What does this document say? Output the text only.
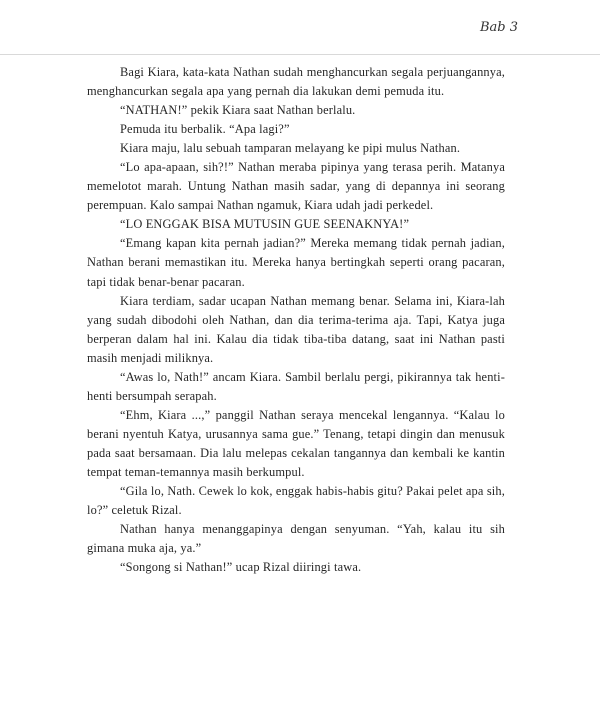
Bab 3

Bagi Kiara, kata-kata Nathan sudah menghancurkan segala perjuangannya, menghancurkan segala apa yang pernah dia lakukan demi pemuda itu.

“NATHAN!” pekik Kiara saat Nathan berlalu.

Pemuda itu berbalik. “Apa lagi?”

Kiara maju, lalu sebuah tamparan melayang ke pipi mulus Nathan.

“Lo apa-apaan, sih?!” Nathan meraba pipinya yang terasa perih. Matanya memelotot marah. Untung Nathan masih sadar, yang di depannya ini seorang perempuan. Kalo sampai Nathan ngamuk, Kiara udah jadi perkedel.

“LO ENGGAK BISA MUTUSIN GUE SEENAKNYA!”

“Emang kapan kita pernah jadian?” Mereka memang tidak pernah jadian, Nathan berani memastikan itu. Mereka hanya bertingkah seperti orang pacaran, tapi tidak benar-benar pacaran.

Kiara terdiam, sadar ucapan Nathan memang benar. Selama ini, Kiara-lah yang sudah dibodohi oleh Nathan, dan dia terima-terima aja. Tapi, Katya juga berperan dalam hal ini. Kalau dia tidak tiba-tiba datang, saat ini Nathan pasti masih menjadi miliknya.

“Awas lo, Nath!” ancam Kiara. Sambil berlalu pergi, pikirannya tak henti-henti bersumpah serapah.

“Ehm, Kiara ...,” panggil Nathan seraya mencekal lengannya. “Kalau lo berani nyentuh Katya, urusannya sama gue.” Tenang, tetapi dingin dan menusuk pada saat bersamaan. Dia lalu melepas cekalan tangannya dan kembali ke kantin tempat teman-temannya masih berkumpul.

“Gila lo, Nath. Cewek lo kok, enggak habis-habis gitu? Pakai pelet apa sih, lo?” celetuk Rizal.

Nathan hanya menanggapinya dengan senyuman. “Yah, kalau itu sih gimana muka aja, ya.”

“Songong si Nathan!” ucap Rizal diiringi tawa.
